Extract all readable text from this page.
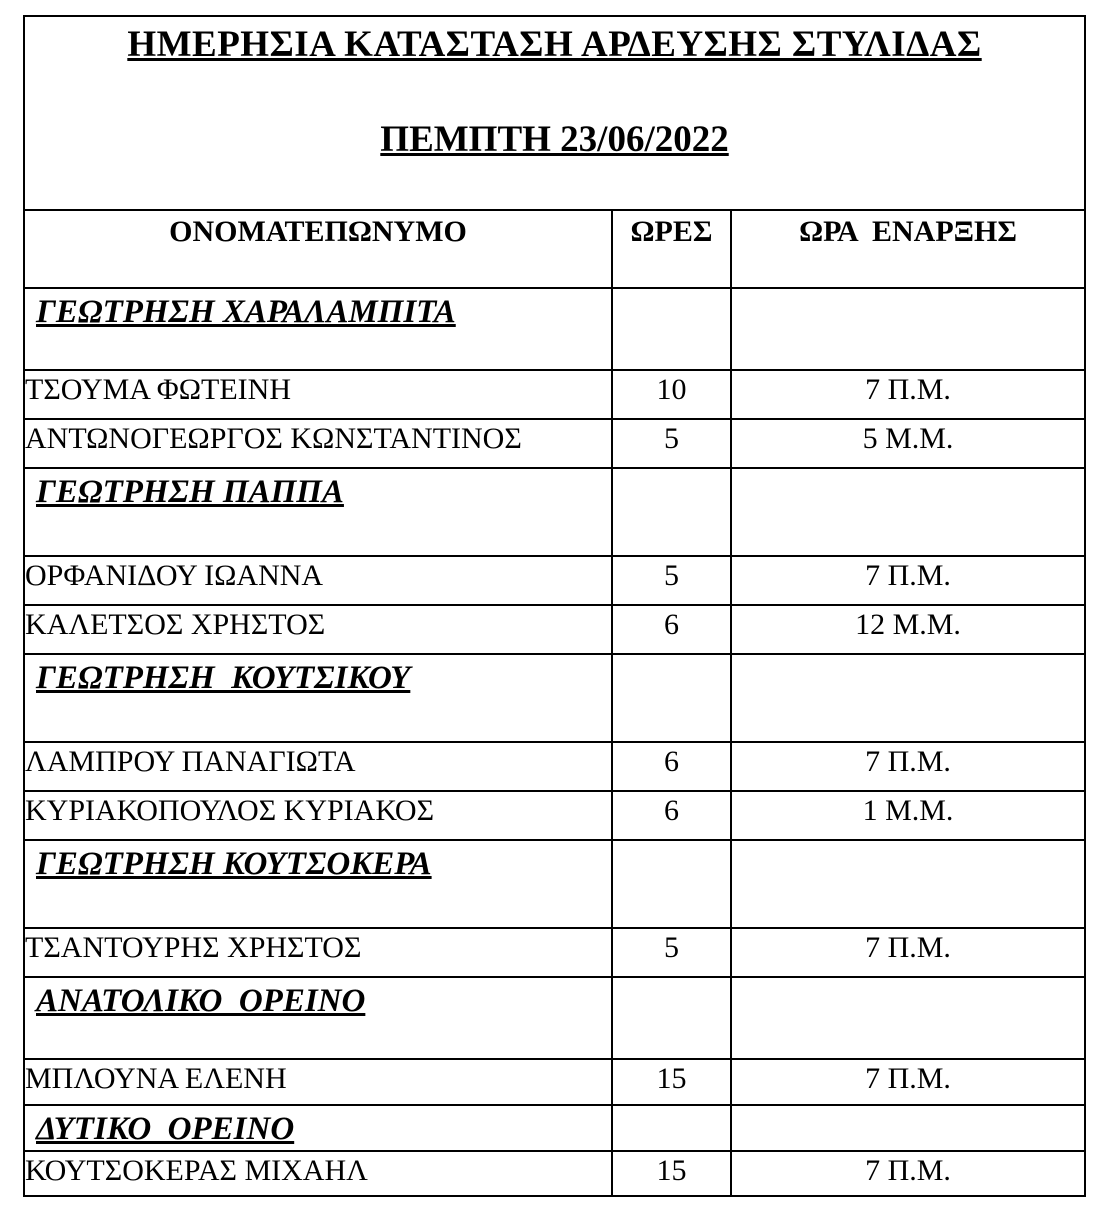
ΗΜΕΡΗΣΙΑ ΚΑΤΑΣΤΑΣΗ ΑΡΔΕΥΣΗΣ ΣΤΥΛΙΔΑΣ
ΠΕΜΠΤΗ 23/06/2022		

ΟΝΟΜΑΤΕΠΩΝΥΜΟ	ΩΡΕΣ	ΩΡΑ  ΕΝΑΡΞΗΣ

ΓΕΩΤΡΗΣΗ ΧΑΡΑΛΑΜΠΙΤΑ		
ΤΣΟΥΜΑ ΦΩΤΕΙΝΗ	10	7 Π.Μ.
ΑΝΤΩΝΟΓΕΩΡΓΟΣ ΚΩΝΣΤΑΝΤΙΝΟΣ	5	5 Μ.Μ.
ΓΕΩΤΡΗΣΗ ΠΑΠΠΑ		
ΟΡΦΑΝΙΔΟΥ ΙΩΑΝΝΑ	5	7 Π.Μ.
ΚΑΛΕΤΣΟΣ ΧΡΗΣΤΟΣ	6	12 Μ.Μ.
ΓΕΩΤΡΗΣΗ  ΚΟΥΤΣΙΚΟΥ		
ΛΑΜΠΡΟΥ ΠΑΝΑΓΙΩΤΑ	6	7 Π.Μ.
ΚΥΡΙΑΚΟΠΟΥΛΟΣ ΚΥΡΙΑΚΟΣ	6	1 Μ.Μ.
ΓΕΩΤΡΗΣΗ ΚΟΥΤΣΟΚΕΡΑ		
ΤΣΑΝΤΟΥΡΗΣ ΧΡΗΣΤΟΣ	5	7 Π.Μ.
ΑΝΑΤΟΛΙΚΟ  ΟΡΕΙΝΟ		
ΜΠΛΟΥΝΑ ΕΛΕΝΗ	15	7 Π.Μ.
ΔΥΤΙΚΟ  ΟΡΕΙΝΟ		
ΚΟΥΤΣΟΚΕΡΑΣ ΜΙΧΑΗΛ	15	7 Π.Μ.
